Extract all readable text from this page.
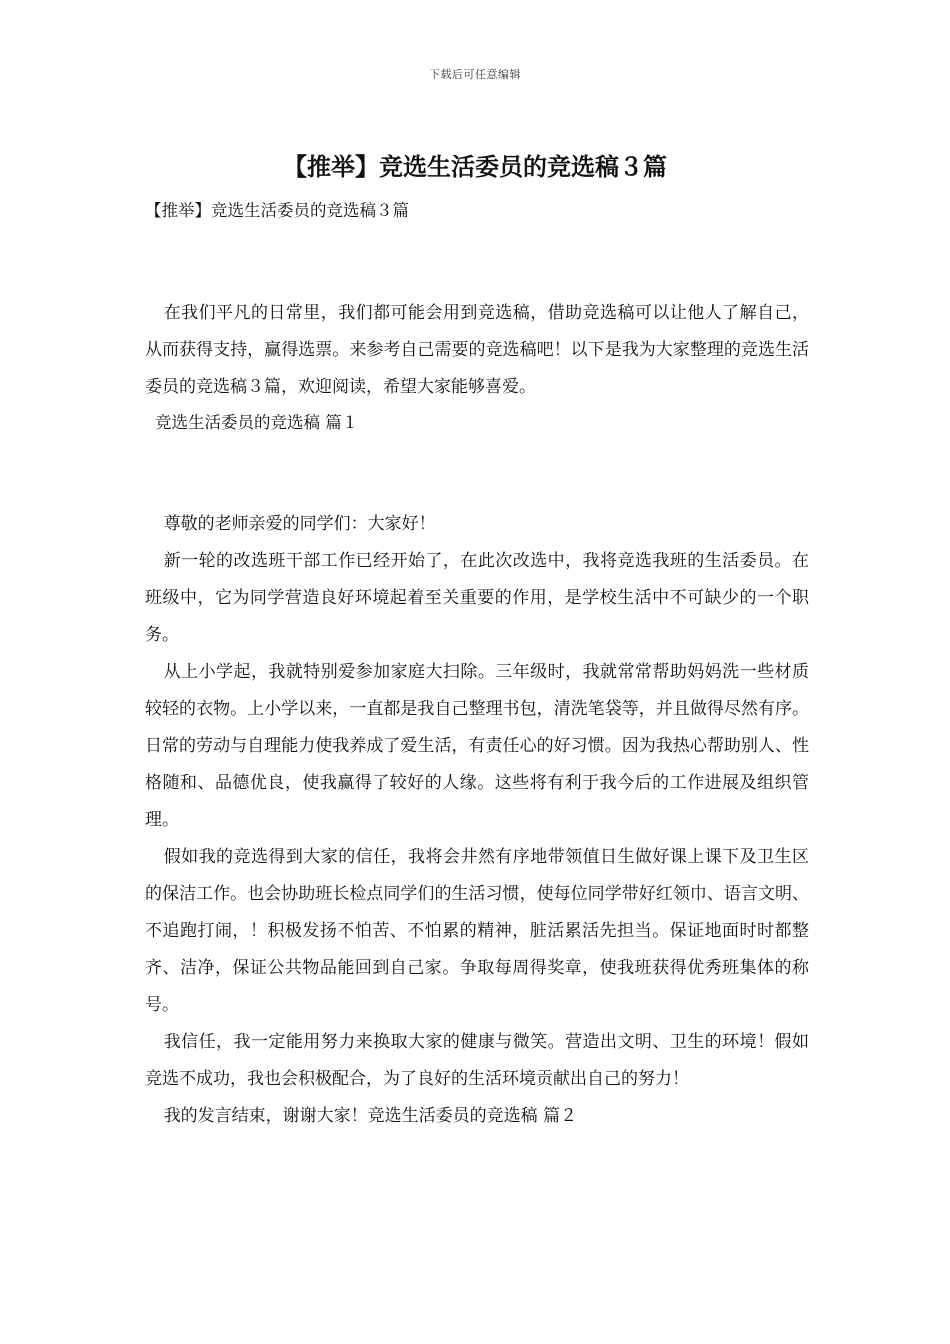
下载后可任意编辑
【推举】竞选生活委员的竞选稿３篇
【推举】竞选生活委员的竞选稿３篇

在我们平凡的日常里，我们都可能会用到竞选稿，借助竞选稿可以让他人了解自己，从而获得支持，赢得选票。来参考自己需要的竞选稿吧！以下是我为大家整理的竞选生活委员的竞选稿３篇，欢迎阅读，希望大家能够喜爱。

竞选生活委员的竞选稿 篇１

尊敬的老师亲爱的同学们：大家好！

新一轮的改选班干部工作已经开始了，在此次改选中，我将竞选我班的生活委员。在班级中，它为同学营造良好环境起着至关重要的作用，是学校生活中不可缺少的一个职务。

从上小学起，我就特别爱参加家庭大扫除。三年级时，我就常常帮助妈妈洗一些材质较轻的衣物。上小学以来，一直都是我自己整理书包，清洗笔袋等，并且做得尽然有序。日常的劳动与自理能力使我养成了爱生活，有责任心的好习惯。因为我热心帮助别人、性格随和、品德优良，使我赢得了较好的人缘。这些将有利于我今后的工作进展及组织管理。

假如我的竞选得到大家的信任，我将会井然有序地带领值日生做好课上课下及卫生区的保洁工作。也会协助班长检点同学们的生活习惯，使每位同学带好红领巾、语言文明、不追跑打闹，！积极发扬不怕苦、不怕累的精神，脏活累活先担当。保证地面时时都整齐、洁净，保证公共物品能回到自己家。争取每周得奖章，使我班获得优秀班集体的称号。

我信任，我一定能用努力来换取大家的健康与微笑。营造出文明、卫生的环境！假如竞选不成功，我也会积极配合，为了良好的生活环境贡献出自己的努力！

我的发言结束，谢谢大家！竞选生活委员的竞选稿 篇２
